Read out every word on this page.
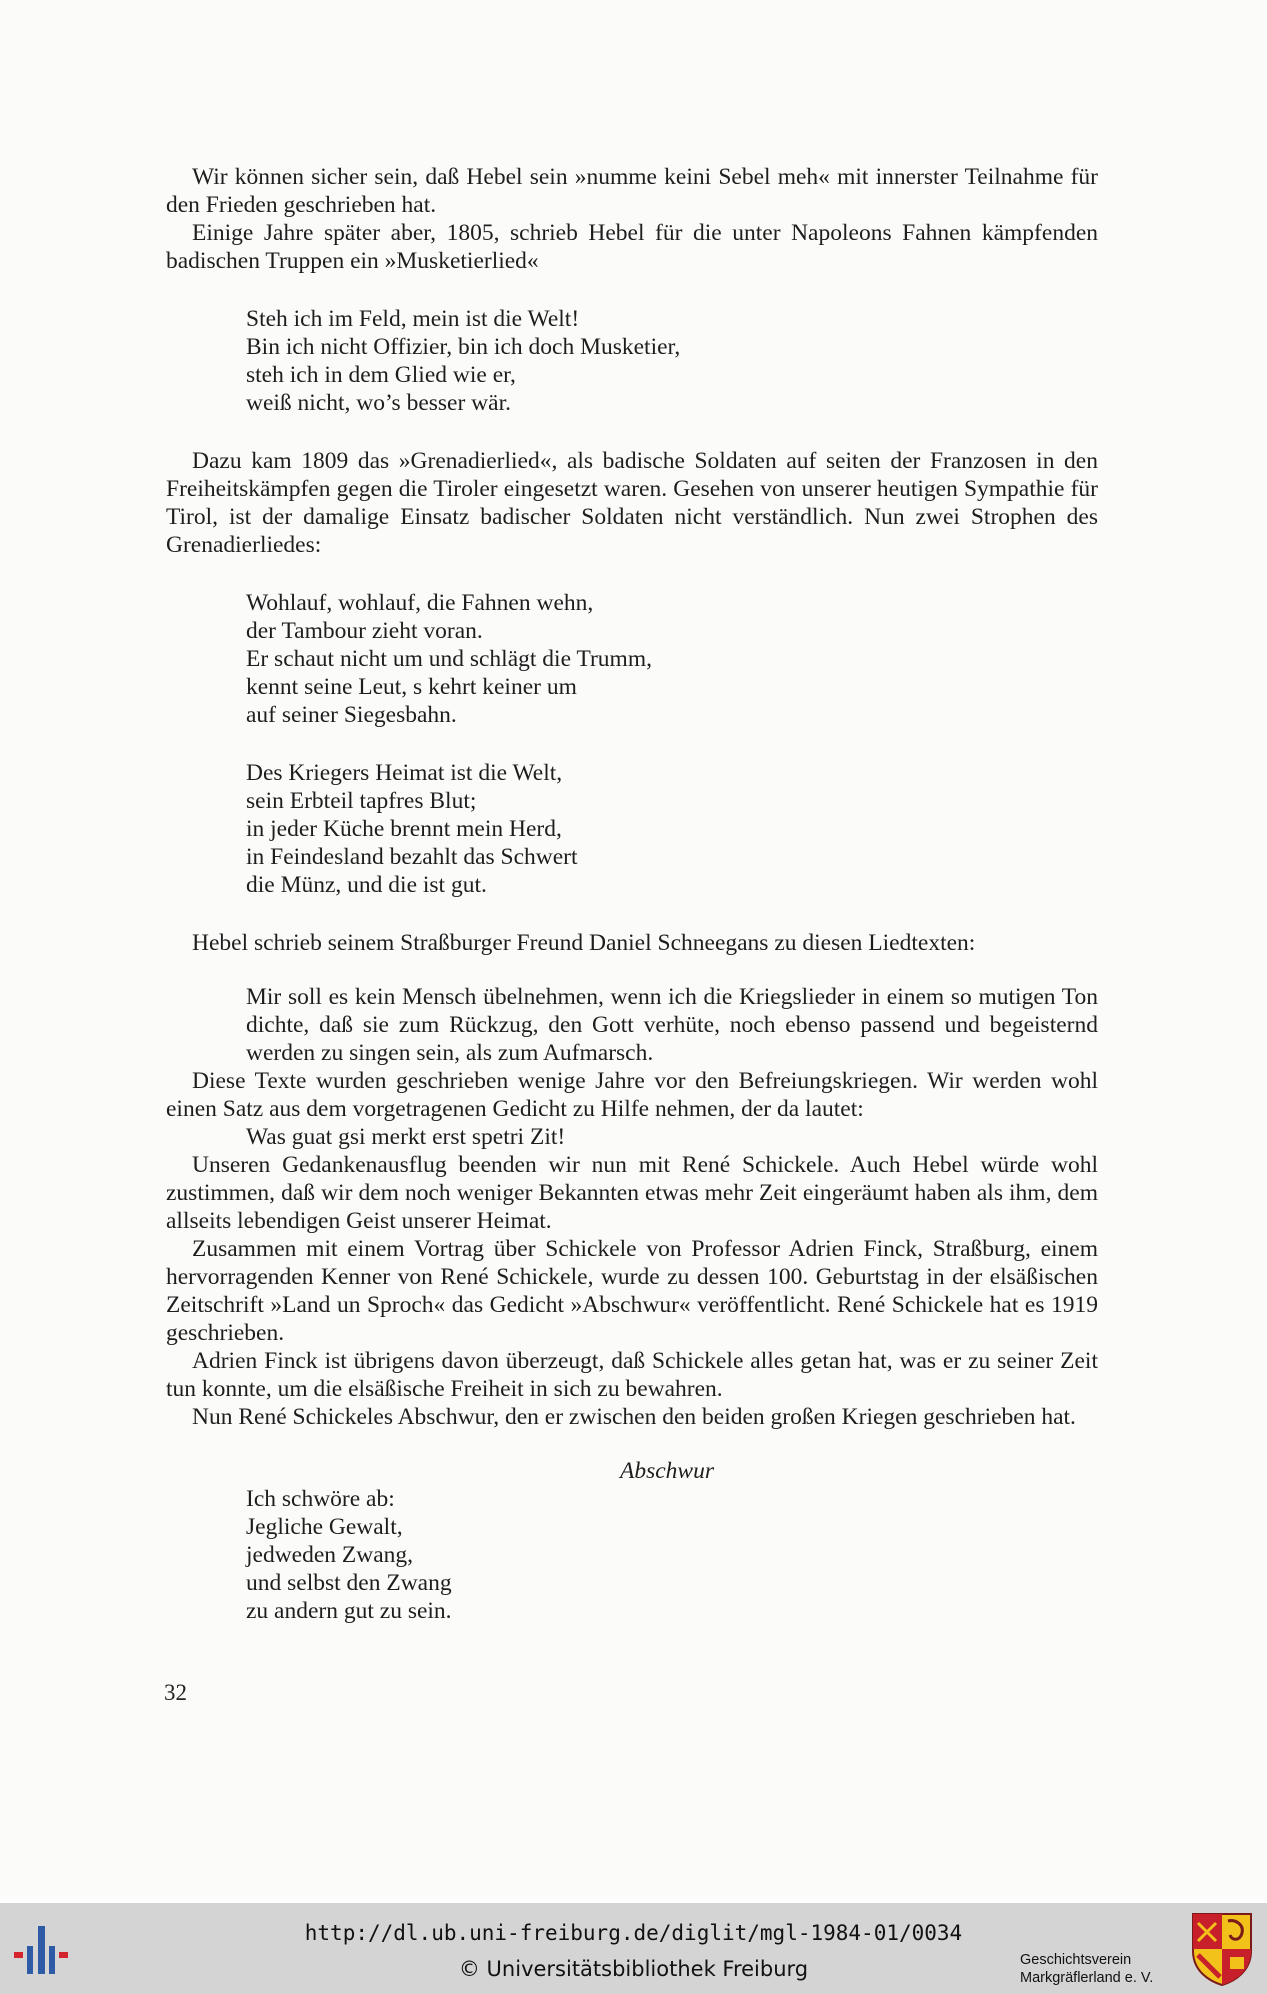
Wir können sicher sein, daß Hebel sein »numme keini Sebel meh« mit innerster Teilnahme für den Frieden geschrieben hat.

Einige Jahre später aber, 1805, schrieb Hebel für die unter Napoleons Fahnen kämpfenden badischen Truppen ein »Musketierlied«

Steh ich im Feld, mein ist die Welt!
Bin ich nicht Offizier, bin ich doch Musketier,
steh ich in dem Glied wie er,
weiß nicht, wo’s besser wär.

Dazu kam 1809 das »Grenadierlied«, als badische Soldaten auf seiten der Franzosen in den Freiheitskämpfen gegen die Tiroler eingesetzt waren. Gesehen von unserer heutigen Sympathie für Tirol, ist der damalige Einsatz badischer Soldaten nicht verständlich. Nun zwei Strophen des Grenadierliedes:

Wohlauf, wohlauf, die Fahnen wehn,
der Tambour zieht voran.
Er schaut nicht um und schlägt die Trumm,
kennt seine Leut, s kehrt keiner um
auf seiner Siegesbahn.
Des Kriegers Heimat ist die Welt,
sein Erbteil tapfres Blut;
in jeder Küche brennt mein Herd,
in Feindesland bezahlt das Schwert
die Münz, und die ist gut.

Hebel schrieb seinem Straßburger Freund Daniel Schneegans zu diesen Liedtexten:

Mir soll es kein Mensch übelnehmen, wenn ich die Kriegslieder in einem so mutigen Ton dichte, daß sie zum Rückzug, den Gott verhüte, noch ebenso passend und begeisternd werden zu singen sein, als zum Aufmarsch.

Diese Texte wurden geschrieben wenige Jahre vor den Befreiungskriegen. Wir werden wohl einen Satz aus dem vorgetragenen Gedicht zu Hilfe nehmen, der da lautet:

Was guat gsi merkt erst spetri Zit!

Unseren Gedankenausflug beenden wir nun mit René Schickele. Auch Hebel würde wohl zustimmen, daß wir dem noch weniger Bekannten etwas mehr Zeit eingeräumt haben als ihm, dem allseits lebendigen Geist unserer Heimat.

Zusammen mit einem Vortrag über Schickele von Professor Adrien Finck, Straßburg, einem hervorragenden Kenner von René Schickele, wurde zu dessen 100. Geburtstag in der elsäßischen Zeitschrift »Land un Sproch« das Gedicht »Abschwur« veröffentlicht. René Schickele hat es 1919 geschrieben.

Adrien Finck ist übrigens davon überzeugt, daß Schickele alles getan hat, was er zu seiner Zeit tun konnte, um die elsäßische Freiheit in sich zu bewahren.

Nun René Schickeles Abschwur, den er zwischen den beiden großen Kriegen geschrieben hat.

Abschwur

Ich schwöre ab:
Jegliche Gewalt,
jedweden Zwang,
und selbst den Zwang
zu andern gut zu sein.
32
http://dl.ub.uni-freiburg.de/diglit/mgl-1984-01/0034
© Universitätsbibliothek Freiburg	Geschichtsverein
Markgräflerland e. V.
